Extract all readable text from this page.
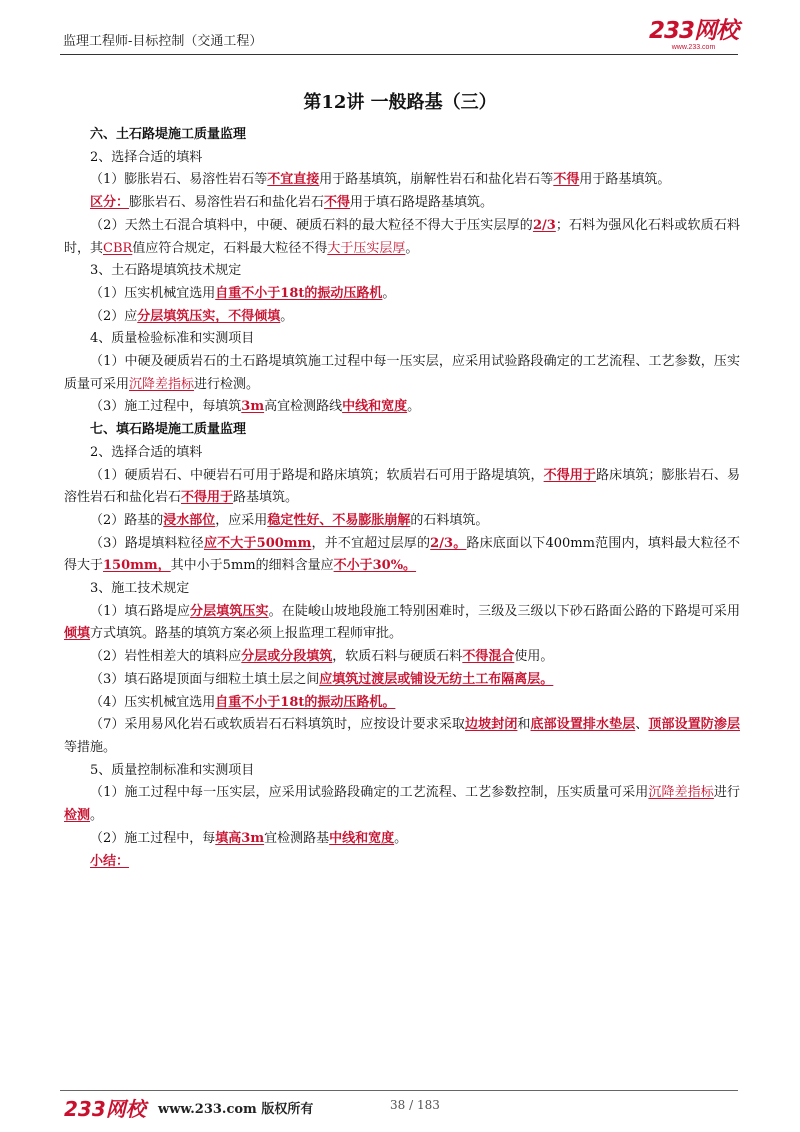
监理工程师-目标控制（交通工程）	233网校
www.233.com
第12讲 一般路基（三）

六、土石路堤施工质量监理

2、选择合适的填料

（1）膨胀岩石、易溶性岩石等不宜直接用于路基填筑，崩解性岩石和盐化岩石等不得用于路基填筑。

区分：膨胀岩石、易溶性岩石和盐化岩石不得用于填石路堤路基填筑。

（2）天然土石混合填料中，中硬、硬质石料的最大粒径不得大于压实层厚的2/3；石料为强风化石料或软质石料时，其CBR值应符合规定，石料最大粒径不得大于压实层厚。

3、土石路堤填筑技术规定

（1）压实机械宜选用自重不小于18t的振动压路机。

（2）应分层填筑压实，不得倾填。

4、质量检验标准和实测项目

（1）中硬及硬质岩石的土石路堤填筑施工过程中每一压实层，应采用试验路段确定的工艺流程、工艺参数，压实质量可采用沉降差指标进行检测。

（3）施工过程中，每填筑3m高宜检测路线中线和宽度。

七、填石路堤施工质量监理

2、选择合适的填料

（1）硬质岩石、中硬岩石可用于路堤和路床填筑；软质岩石可用于路堤填筑，不得用于路床填筑；膨胀岩石、易溶性岩石和盐化岩石不得用于路基填筑。

（2）路基的浸水部位，应采用稳定性好、不易膨胀崩解的石料填筑。

（3）路堤填料粒径应不大于500mm，并不宜超过层厚的2/3。路床底面以下400mm范围内，填料最大粒径不得大于150mm，其中小于5mm的细料含量应不小于30%。

3、施工技术规定

（1）填石路堤应分层填筑压实。在陡峻山坡地段施工特别困难时，三级及三级以下砂石路面公路的下路堤可采用倾填方式填筑。路基的填筑方案必须上报监理工程师审批。

（2）岩性相差大的填料应分层或分段填筑，软质石料与硬质石料不得混合使用。

（3）填石路堤顶面与细粒土填土层之间应填筑过渡层或铺设无纺土工布隔离层。

（4）压实机械宜选用自重不小于18t的振动压路机。

（7）采用易风化岩石或软质岩石石料填筑时，应按设计要求采取边坡封闭和底部设置排水垫层、顶部设置防渗层等措施。

5、质量控制标准和实测项目

（1）施工过程中每一压实层，应采用试验路段确定的工艺流程、工艺参数控制，压实质量可采用沉降差指标进行检测。

（2）施工过程中，每填高3m宜检测路基中线和宽度。

小结：

233网校 www.233.com 版权所有	38 / 183
